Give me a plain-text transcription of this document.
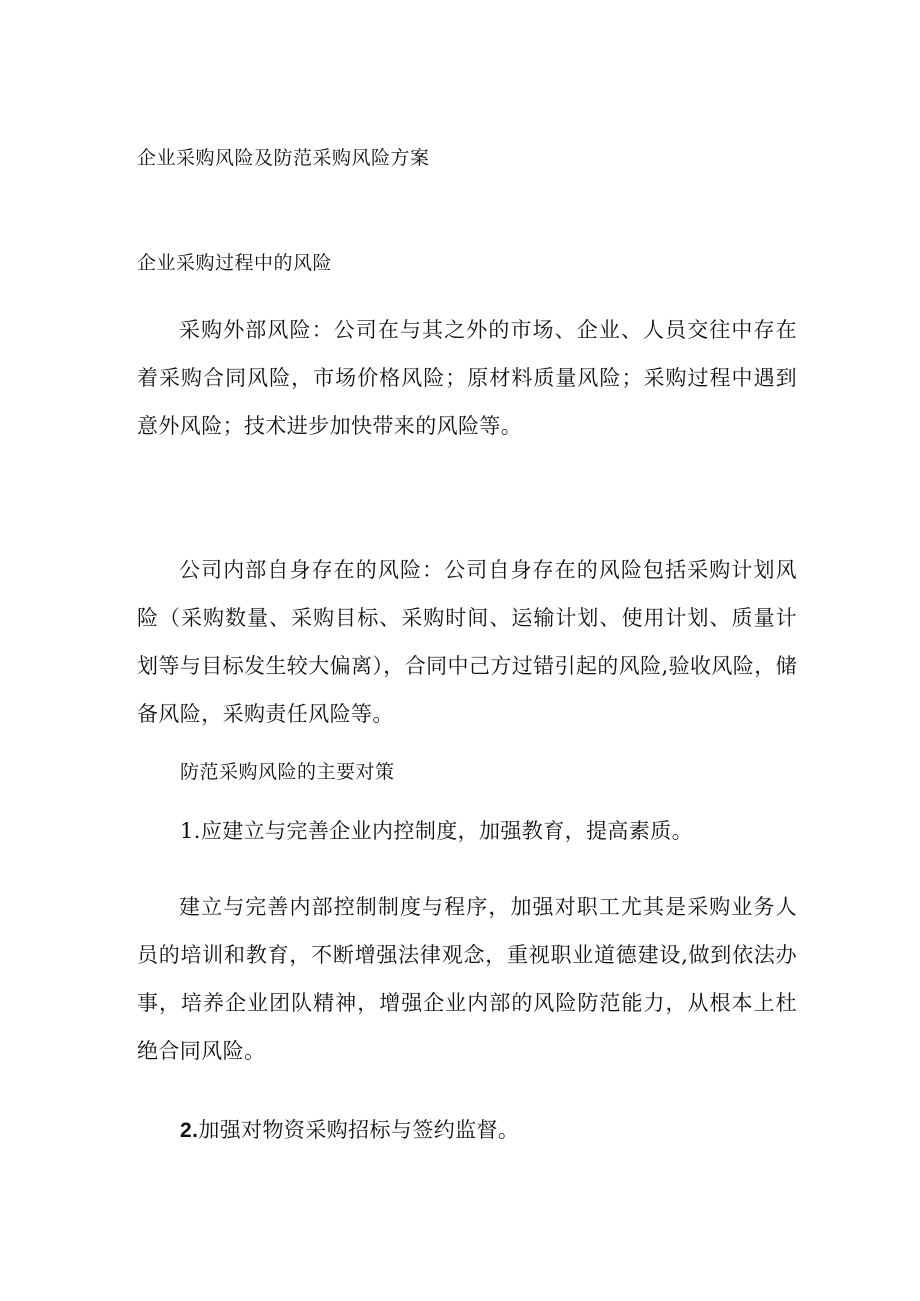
企业采购风险及防范采购风险方案

企业采购过程中的风险

采购外部风险：公司在与其之外的市场、企业、人员交往中存在着采购合同风险，市场价格风险；原材料质量风险；采购过程中遇到意外风险；技术进步加快带来的风险等。

公司内部自身存在的风险：公司自身存在的风险包括采购计划风险（采购数量、采购目标、采购时间、运输计划、使用计划、质量计划等与目标发生较大偏离），合同中己方过错引起的风险,验收风险，储备风险，采购责任风险等。

防范采购风险的主要对策

1.应建立与完善企业内控制度，加强教育，提高素质。

建立与完善内部控制制度与程序，加强对职工尤其是采购业务人员的培训和教育，不断增强法律观念，重视职业道德建设,做到依法办事，培养企业团队精神，增强企业内部的风险防范能力，从根本上杜绝合同风险。

2.加强对物资采购招标与签约监督。
